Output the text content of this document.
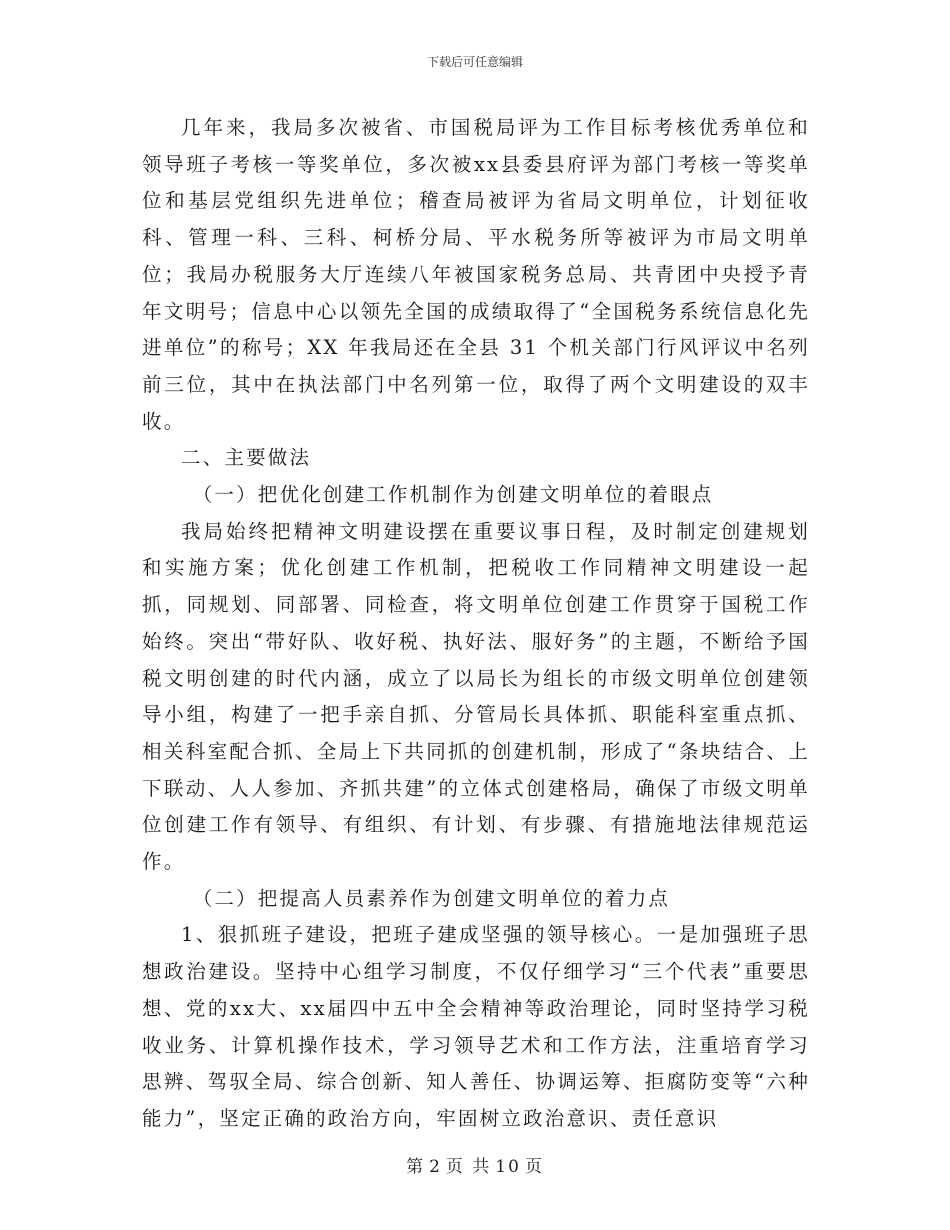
下载后可任意编辑

几年来，我局多次被省、市国税局评为工作目标考核优秀单位和领导班子考核一等奖单位，多次被xx县委县府评为部门考核一等奖单位和基层党组织先进单位；稽查局被评为省局文明单位，计划征收科、管理一科、三科、柯桥分局、平水税务所等被评为市局文明单位；我局办税服务大厅连续八年被国家税务总局、共青团中央授予青年文明号；信息中心以领先全国的成绩取得了“全国税务系统信息化先进单位”的称号；XX 年我局还在全县 31 个机关部门行风评议中名列前三位，其中在执法部门中名列第一位，取得了两个文明建设的双丰收。

二、主要做法

（一）把优化创建工作机制作为创建文明单位的着眼点

我局始终把精神文明建设摆在重要议事日程，及时制定创建规划和实施方案；优化创建工作机制，把税收工作同精神文明建设一起抓，同规划、同部署、同检查，将文明单位创建工作贯穿于国税工作始终。突出“带好队、收好税、执好法、服好务”的主题，不断给予国税文明创建的时代内涵，成立了以局长为组长的市级文明单位创建领导小组，构建了一把手亲自抓、分管局长具体抓、职能科室重点抓、相关科室配合抓、全局上下共同抓的创建机制，形成了“条块结合、上下联动、人人参加、齐抓共建”的立体式创建格局，确保了市级文明单位创建工作有领导、有组织、有计划、有步骤、有措施地法律规范运作。

（二）把提高人员素养作为创建文明单位的着力点

1、狠抓班子建设，把班子建成坚强的领导核心。一是加强班子思想政治建设。坚持中心组学习制度，不仅仔细学习“三个代表”重要思想、党的xx大、xx届四中五中全会精神等政治理论，同时坚持学习税收业务、计算机操作技术，学习领导艺术和工作方法，注重培育学习思辨、驾驭全局、综合创新、知人善任、协调运筹、拒腐防变等“六种能力”，坚定正确的政治方向，牢固树立政治意识、责任意识

第 2 页 共 10 页
